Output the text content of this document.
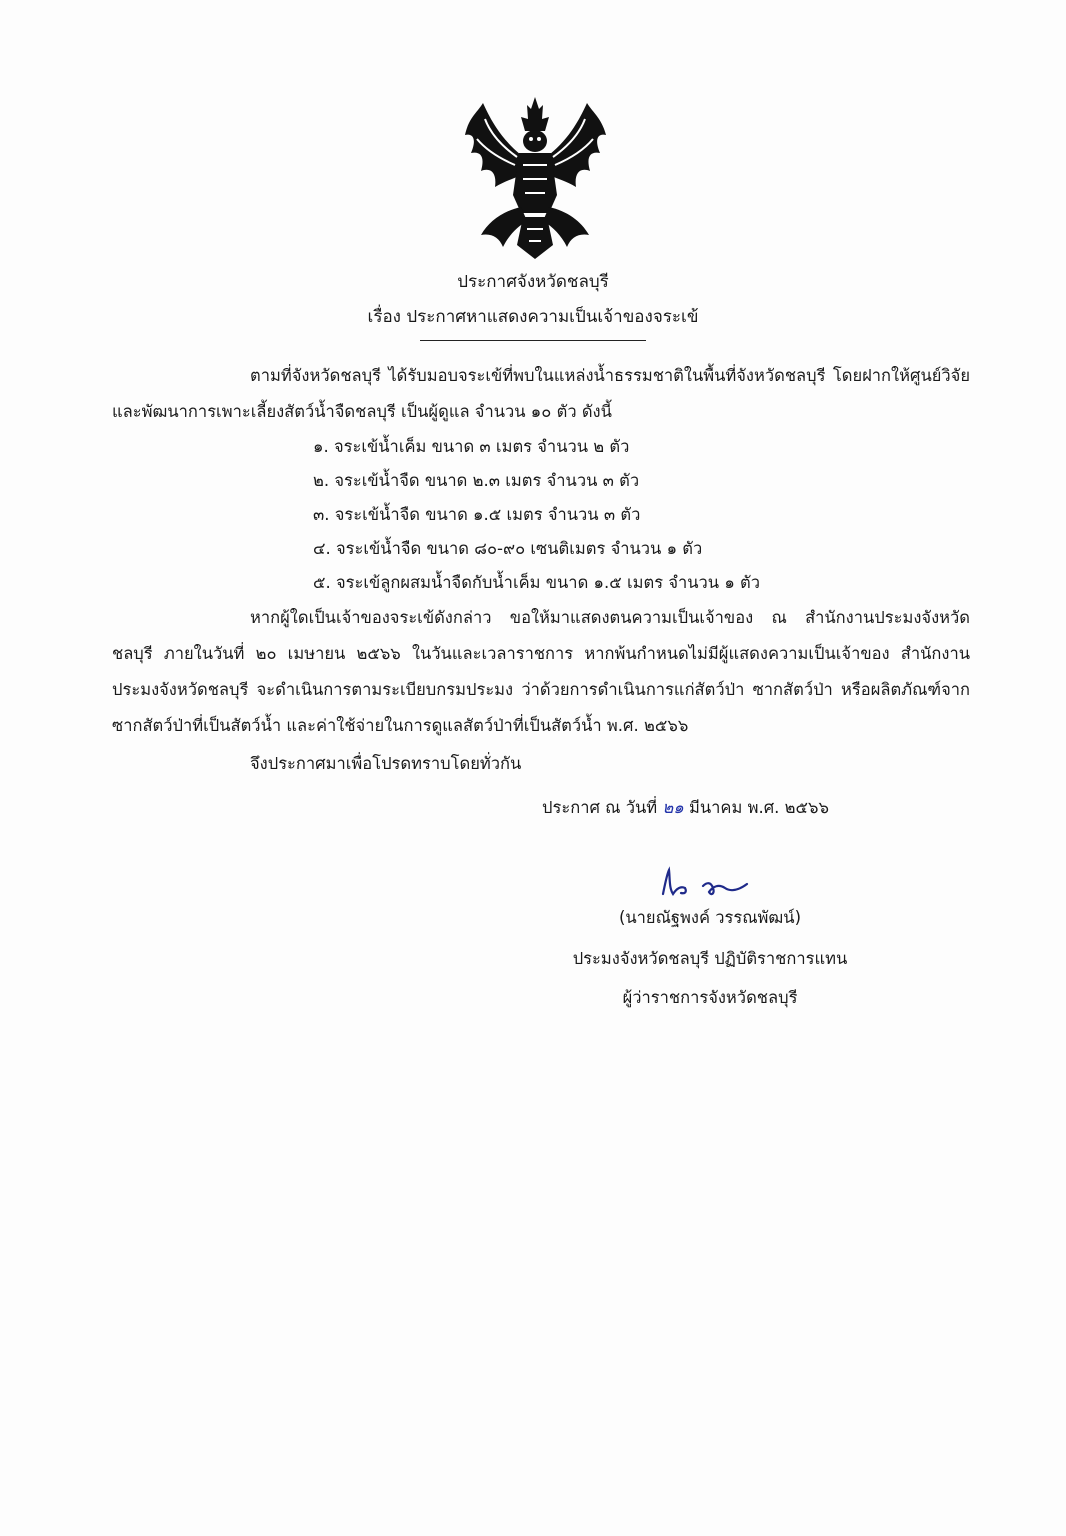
ประกาศจังหวัดชลบุรี
เรื่อง ประกาศหาแสดงความเป็นเจ้าของจระเข้

ตามที่จังหวัดชลบุรี ได้รับมอบจระเข้ที่พบในแหล่งน้ำธรรมชาติในพื้นที่จังหวัดชลบุรี โดยฝากให้ศูนย์วิจัยและพัฒนาการเพาะเลี้ยงสัตว์น้ำจืดชลบุรี เป็นผู้ดูแล จำนวน ๑๐ ตัว ดังนี้

๑. จระเข้น้ำเค็ม ขนาด ๓ เมตร จำนวน ๒ ตัว
๒. จระเข้น้ำจืด ขนาด ๒.๓ เมตร จำนวน ๓ ตัว
๓. จระเข้น้ำจืด ขนาด ๑.๕ เมตร จำนวน ๓ ตัว
๔. จระเข้น้ำจืด ขนาด ๘๐-๙๐ เซนติเมตร จำนวน ๑ ตัว
๕. จระเข้ลูกผสมน้ำจืดกับน้ำเค็ม ขนาด ๑.๕ เมตร จำนวน ๑ ตัว

หากผู้ใดเป็นเจ้าของจระเข้ดังกล่าว ขอให้มาแสดงตนความเป็นเจ้าของ ณ สำนักงานประมงจังหวัดชลบุรี ภายในวันที่ ๒๐ เมษายน ๒๕๖๖ ในวันและเวลาราชการ หากพ้นกำหนดไม่มีผู้แสดงความเป็นเจ้าของ สำนักงานประมงจังหวัดชลบุรี จะดำเนินการตามระเบียบกรมประมง ว่าด้วยการดำเนินการแก่สัตว์ป่า ซากสัตว์ป่า หรือผลิตภัณฑ์จากซากสัตว์ป่าที่เป็นสัตว์น้ำ และค่าใช้จ่ายในการดูแลสัตว์ป่าที่เป็นสัตว์น้ำ พ.ศ. ๒๕๖๖

จึงประกาศมาเพื่อโปรดทราบโดยทั่วกัน
ประกาศ ณ วันที่ ๒๑ มีนาคม พ.ศ. ๒๕๖๖
(นายณัฐพงค์ วรรณพัฒน์)
ประมงจังหวัดชลบุรี ปฏิบัติราชการแทน
ผู้ว่าราชการจังหวัดชลบุรี
